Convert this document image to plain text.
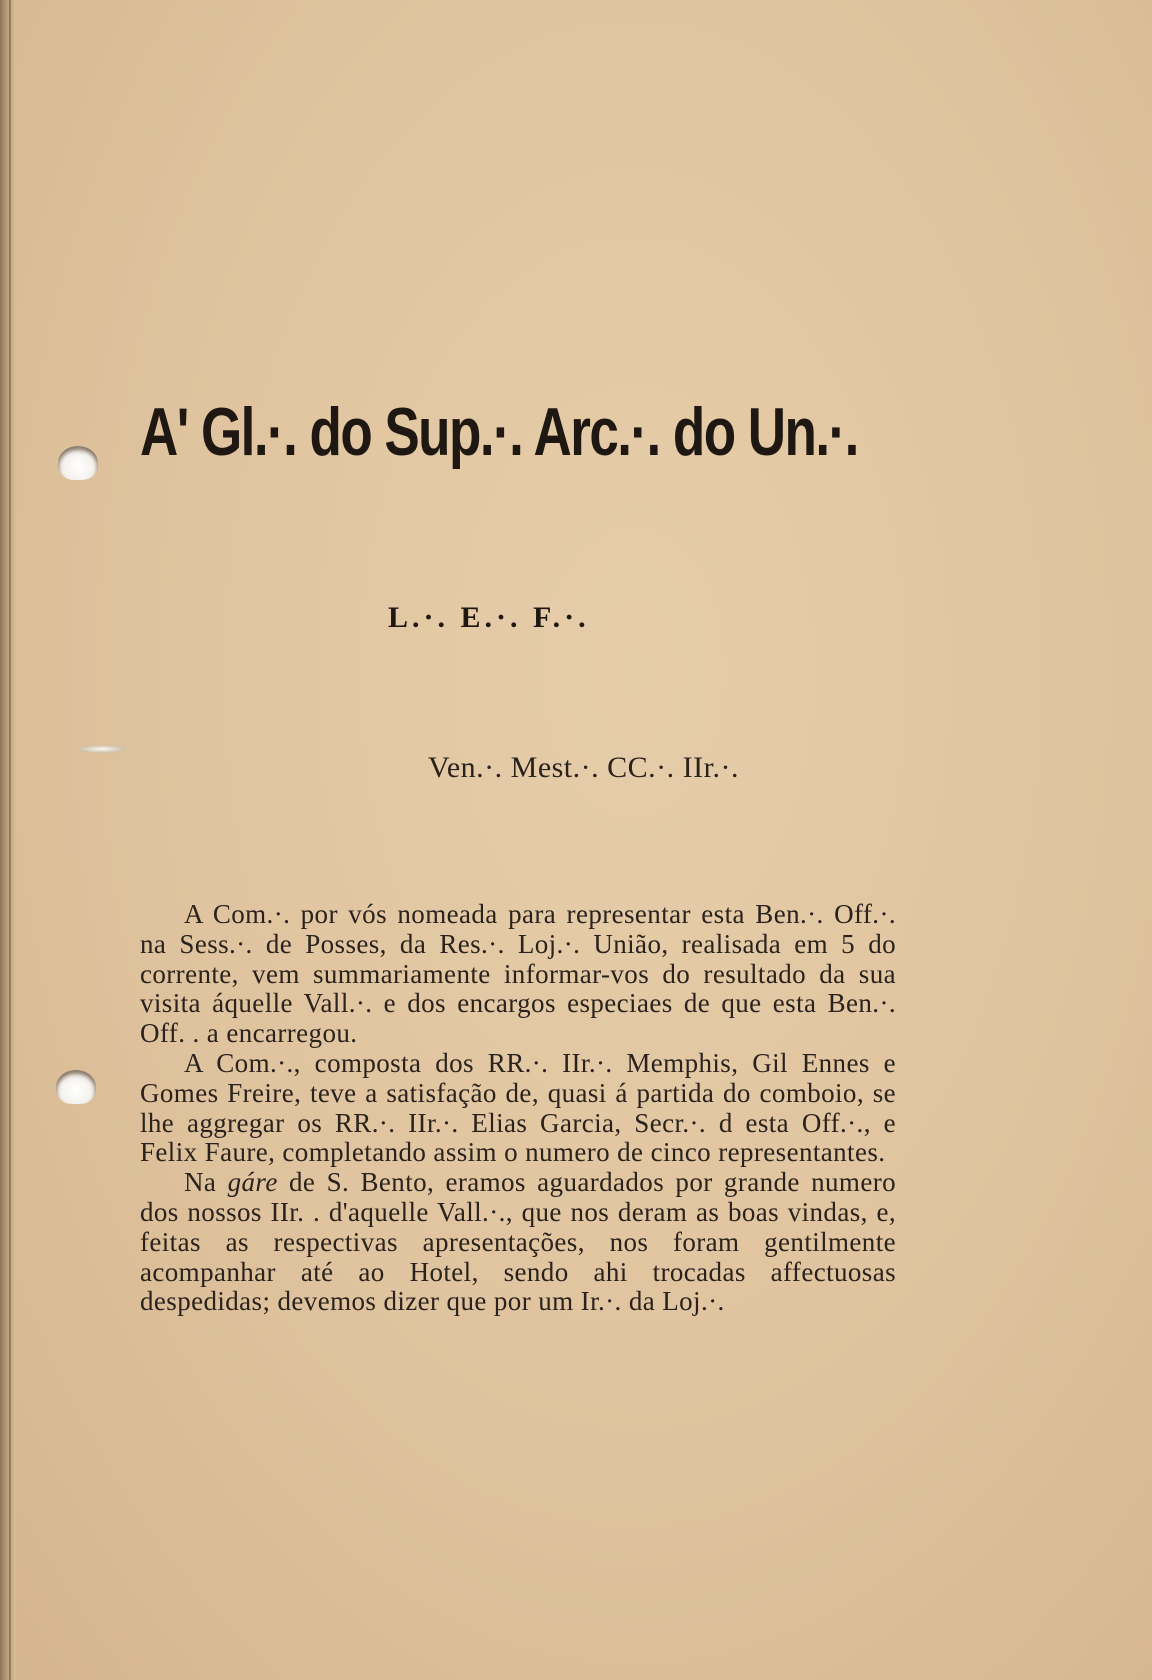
A' Gl.·. do Sup.·. Arc.·. do Un.·.
L.·. E.·. F.·.

Ven.·. Mest.·. CC.·. IIr.·.

A Com.·. por vós nomeada para representar esta Ben.·. Off.·. na Sess.·. de Posses, da Res.·. Loj.·. União, realisada em 5 do corrente, vem summariamente informar-vos do resultado da sua visita áquelle Vall.·. e dos encargos especiaes de que esta Ben.·. Off. . a encarregou.

A Com.·., composta dos RR.·. IIr.·. Memphis, Gil Ennes e Gomes Freire, teve a satisfação de, quasi á partida do comboio, se lhe aggregar os RR.·. IIr.·. Elias Garcia, Secr.·. d esta Off.·., e Felix Faure, completando assim o numero de cinco representantes.

Na gáre de S. Bento, eramos aguardados por grande numero dos nossos IIr. . d'aquelle Vall.·., que nos deram as boas vindas, e, feitas as respectivas apresentações, nos foram gentilmente acompanhar até ao Hotel, sendo ahi trocadas affectuosas despedidas; devemos dizer que por um Ir.·. da Loj.·.
